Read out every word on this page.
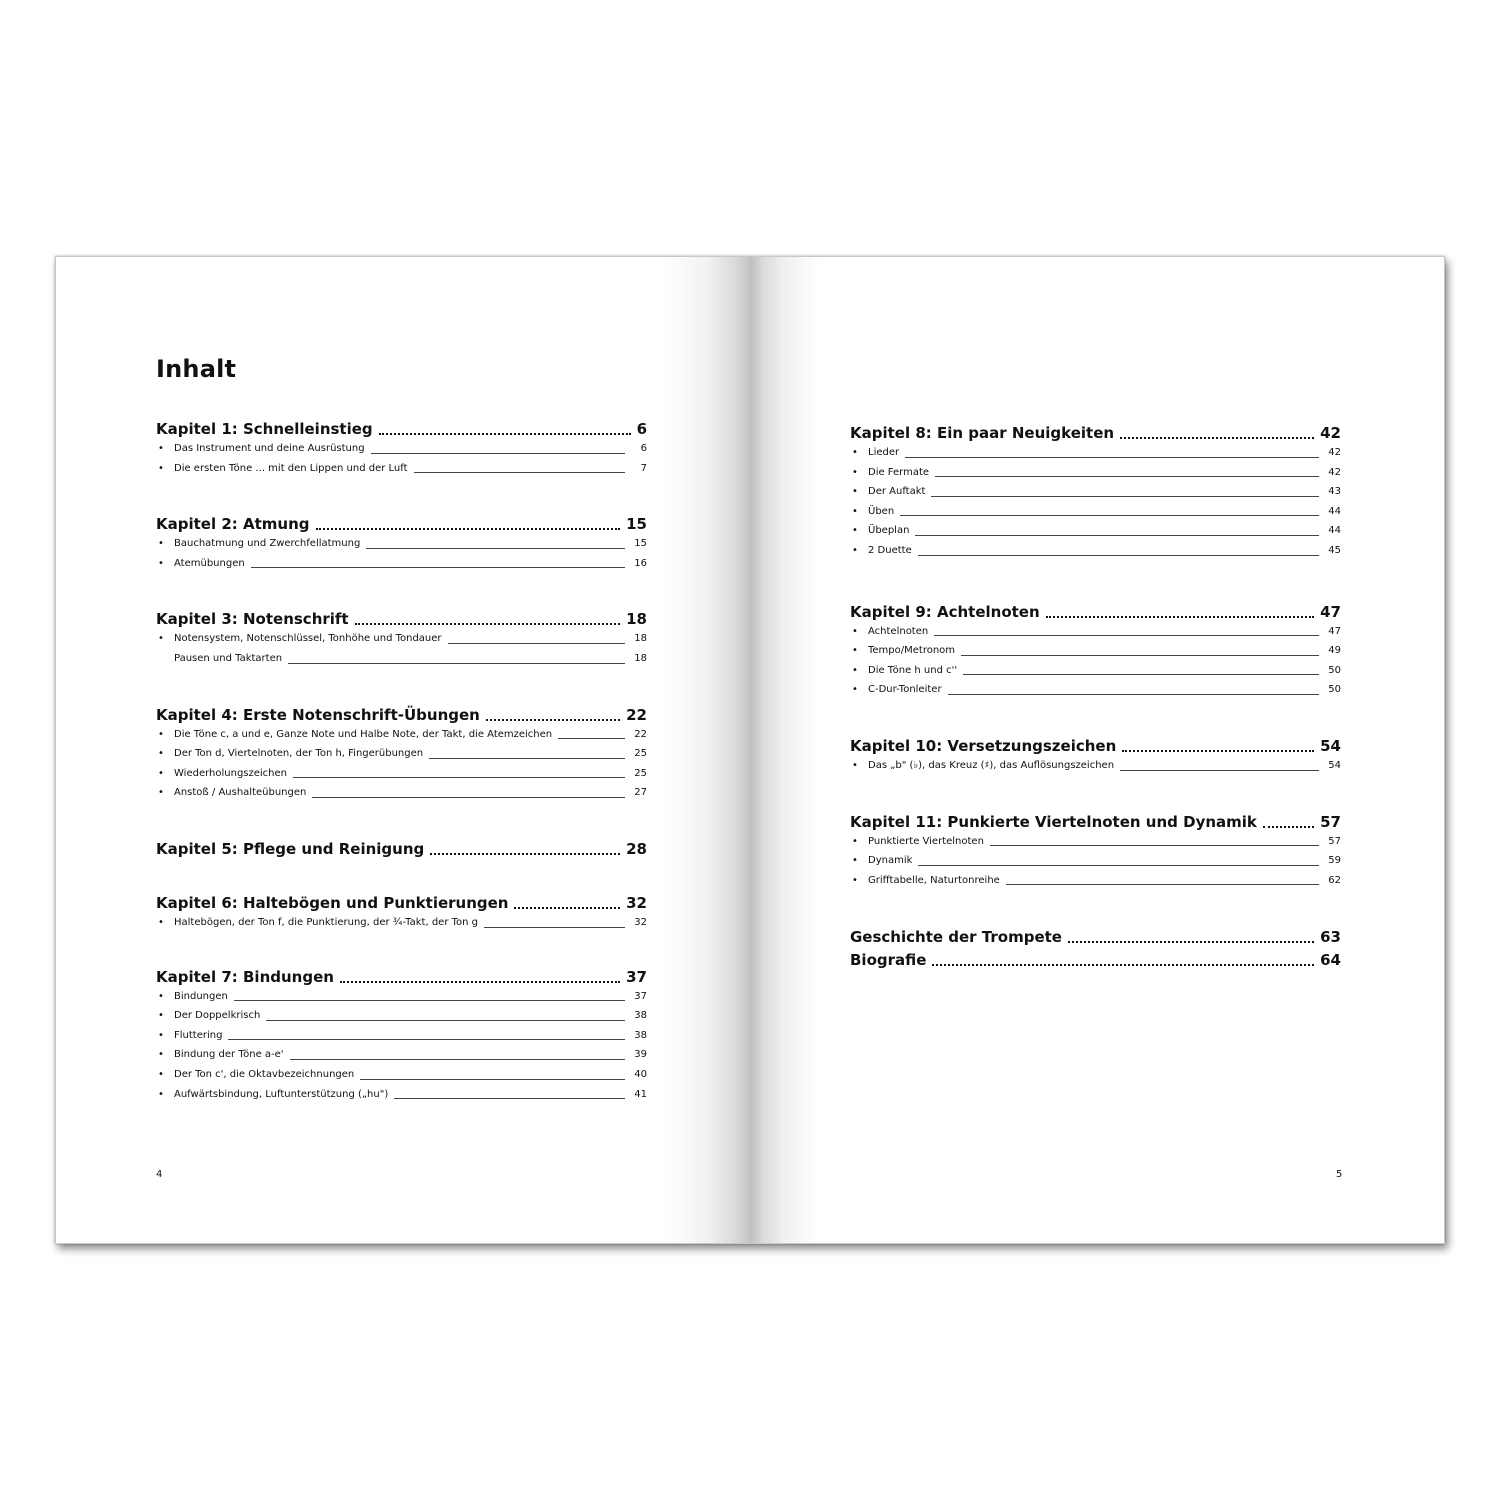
Inhalt
Kapitel 1: Schnelleinstieg	6
•	Das Instrument und deine Ausrüstung	6
•	Die ersten Töne ... mit den Lippen und der Luft	7
Kapitel 2: Atmung	15
•	Bauchatmung und Zwerchfellatmung	15
•	Atemübungen	16
Kapitel 3: Notenschrift	18
•	Notensystem, Notenschlüssel, Tonhöhe und Tondauer	18
Pausen und Taktarten	18
Kapitel 4: Erste Notenschrift-Übungen	22
•	Die Töne c, a und e, Ganze Note und Halbe Note, der Takt, die Atemzeichen	22
•	Der Ton d, Viertelnoten, der Ton h, Fingerübungen	25
•	Wiederholungszeichen	25
•	Anstoß / Aushalteübungen	27
Kapitel 5: Pflege und Reinigung	28
Kapitel 6: Haltebögen und Punktierungen	32
•	Haltebögen, der Ton f, die Punktierung, der ¾-Takt, der Ton g	32
Kapitel 7: Bindungen	37
•	Bindungen	37
•	Der Doppelkrisch	38
•	Fluttering	38
•	Bindung der Töne a-e'	39
•	Der Ton c', die Oktavbezeichnungen	40
•	Aufwärtsbindung, Luftunterstützung („hu")	41
4
Kapitel 8: Ein paar Neuigkeiten	42
•	Lieder	42
•	Die Fermate	42
•	Der Auftakt	43
•	Üben	44
•	Übeplan	44
•	2 Duette	45
Kapitel 9: Achtelnoten	47
•	Achtelnoten	47
•	Tempo/Metronom	49
•	Die Töne h und c''	50
•	C-Dur-Tonleiter	50
Kapitel 10: Versetzungszeichen	54
•	Das „b" (♭), das Kreuz (♯), das Auflösungszeichen	54
Kapitel 11: Punkierte Viertelnoten und Dynamik	57
•	Punktierte Viertelnoten	57
•	Dynamik	59
•	Grifftabelle, Naturtonreihe	62
Geschichte der Trompete	63
Biografie	64
5
